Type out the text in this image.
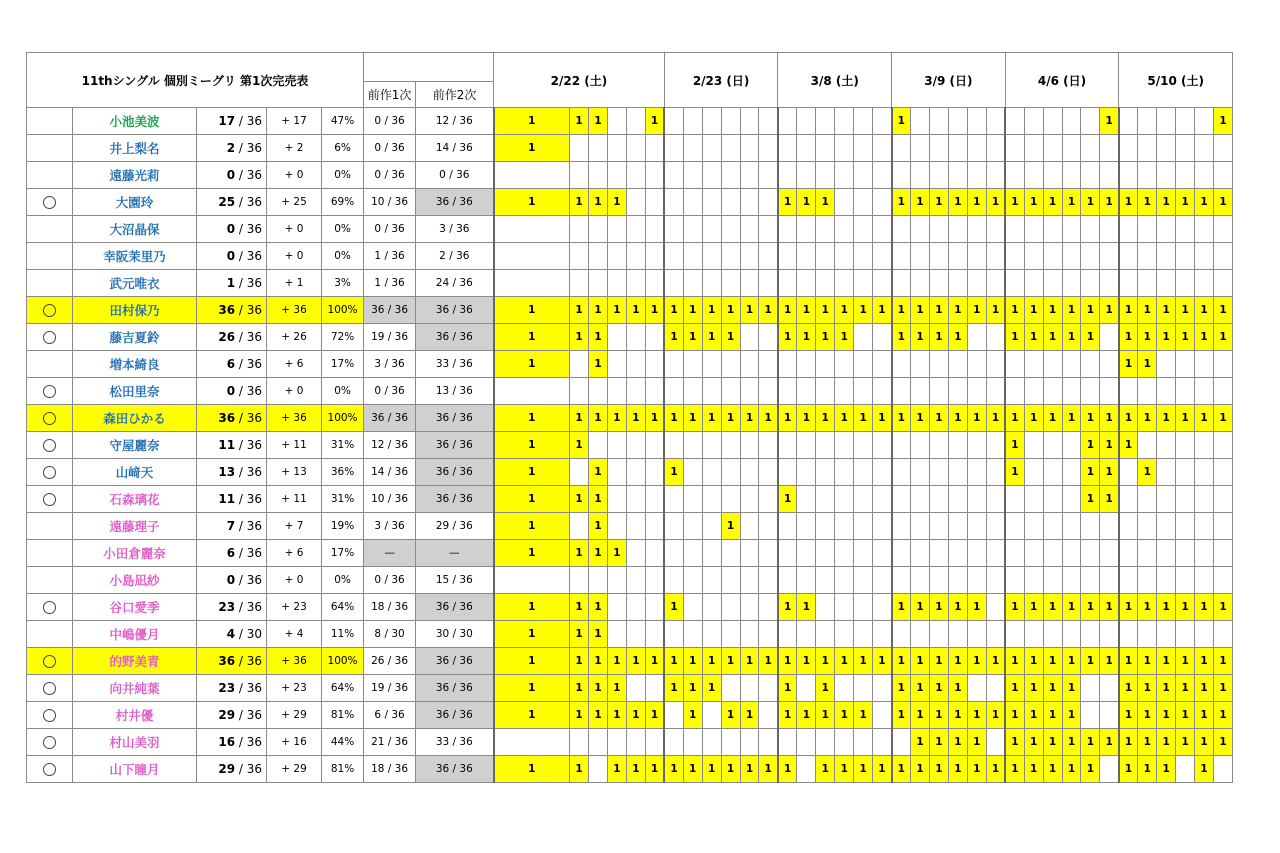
11thシングル 個別ミーグリ 第1次完売表							2/22 (土)						2/23 (日)						3/8 (土)						3/9 (日)						4/6 (日)						5/10 (土)					
					前作1次	前作2次																																				
	小池美波	17 / 36	+ 17	47%	0 / 36	12 / 36	1	1	1			1													1											1						1
	井上梨名	2 / 36	+ 2	6%	0 / 36	14 / 36	1																																			
	遠藤光莉	0 / 36	+ 0	0%	0 / 36	0 / 36																																				
	大園玲	25 / 36	+ 25	69%	10 / 36	36 / 36	1	1	1	1									1	1	1				1	1	1	1	1	1	1	1	1	1	1	1	1	1	1	1	1	1
	大沼晶保	0 / 36	+ 0	0%	0 / 36	3 / 36																																				
	幸阪茉里乃	0 / 36	+ 0	0%	1 / 36	2 / 36																																				
	武元唯衣	1 / 36	+ 1	3%	1 / 36	24 / 36																																				
	田村保乃	36 / 36	+ 36	100%	36 / 36	36 / 36	1	1	1	1	1	1	1	1	1	1	1	1	1	1	1	1	1	1	1	1	1	1	1	1	1	1	1	1	1	1	1	1	1	1	1	1
	藤吉夏鈴	26 / 36	+ 26	72%	19 / 36	36 / 36	1	1	1				1	1	1	1			1	1	1	1			1	1	1	1			1	1	1	1	1		1	1	1	1	1	1
	増本綺良	6 / 36	+ 6	17%	3 / 36	33 / 36	1		1																												1	1				
	松田里奈	0 / 36	+ 0	0%	0 / 36	13 / 36																																				
	森田ひかる	36 / 36	+ 36	100%	36 / 36	36 / 36	1	1	1	1	1	1	1	1	1	1	1	1	1	1	1	1	1	1	1	1	1	1	1	1	1	1	1	1	1	1	1	1	1	1	1	1
	守屋麗奈	11 / 36	+ 11	31%	12 / 36	36 / 36	1	1																							1				1	1	1					
	山﨑天	13 / 36	+ 13	36%	14 / 36	36 / 36	1		1				1																		1				1	1		1				
	石森璃花	11 / 36	+ 11	31%	10 / 36	36 / 36	1	1	1										1																1	1						
	遠藤理子	7 / 36	+ 7	19%	3 / 36	29 / 36	1		1							1																										
	小田倉麗奈	6 / 36	+ 6	17%	—	—	1	1	1	1																																
	小島凪紗	0 / 36	+ 0	0%	0 / 36	15 / 36																																				
	谷口愛季	23 / 36	+ 23	64%	18 / 36	36 / 36	1	1	1				1						1	1					1	1	1	1	1		1	1	1	1	1	1	1	1	1	1	1	1
	中嶋優月	4 / 30	+ 4	11%	8 / 30	30 / 30	1	1	1																																	
	的野美青	36 / 36	+ 36	100%	26 / 36	36 / 36	1	1	1	1	1	1	1	1	1	1	1	1	1	1	1	1	1	1	1	1	1	1	1	1	1	1	1	1	1	1	1	1	1	1	1	1
	向井純葉	23 / 36	+ 23	64%	19 / 36	36 / 36	1	1	1	1			1	1	1				1		1				1	1	1	1			1	1	1	1			1	1	1	1	1	1
	村井優	29 / 36	+ 29	81%	6 / 36	36 / 36	1	1	1	1	1	1		1		1	1		1	1	1	1	1		1	1	1	1	1	1	1	1	1	1			1	1	1	1	1	1
	村山美羽	16 / 36	+ 16	44%	21 / 36	33 / 36																				1	1	1	1		1	1	1	1	1	1	1	1	1	1	1	1
	山下瞳月	29 / 36	+ 29	81%	18 / 36	36 / 36	1	1		1	1	1	1	1	1	1	1	1	1		1	1	1	1	1	1	1	1	1	1	1	1	1	1	1		1	1	1		1	
